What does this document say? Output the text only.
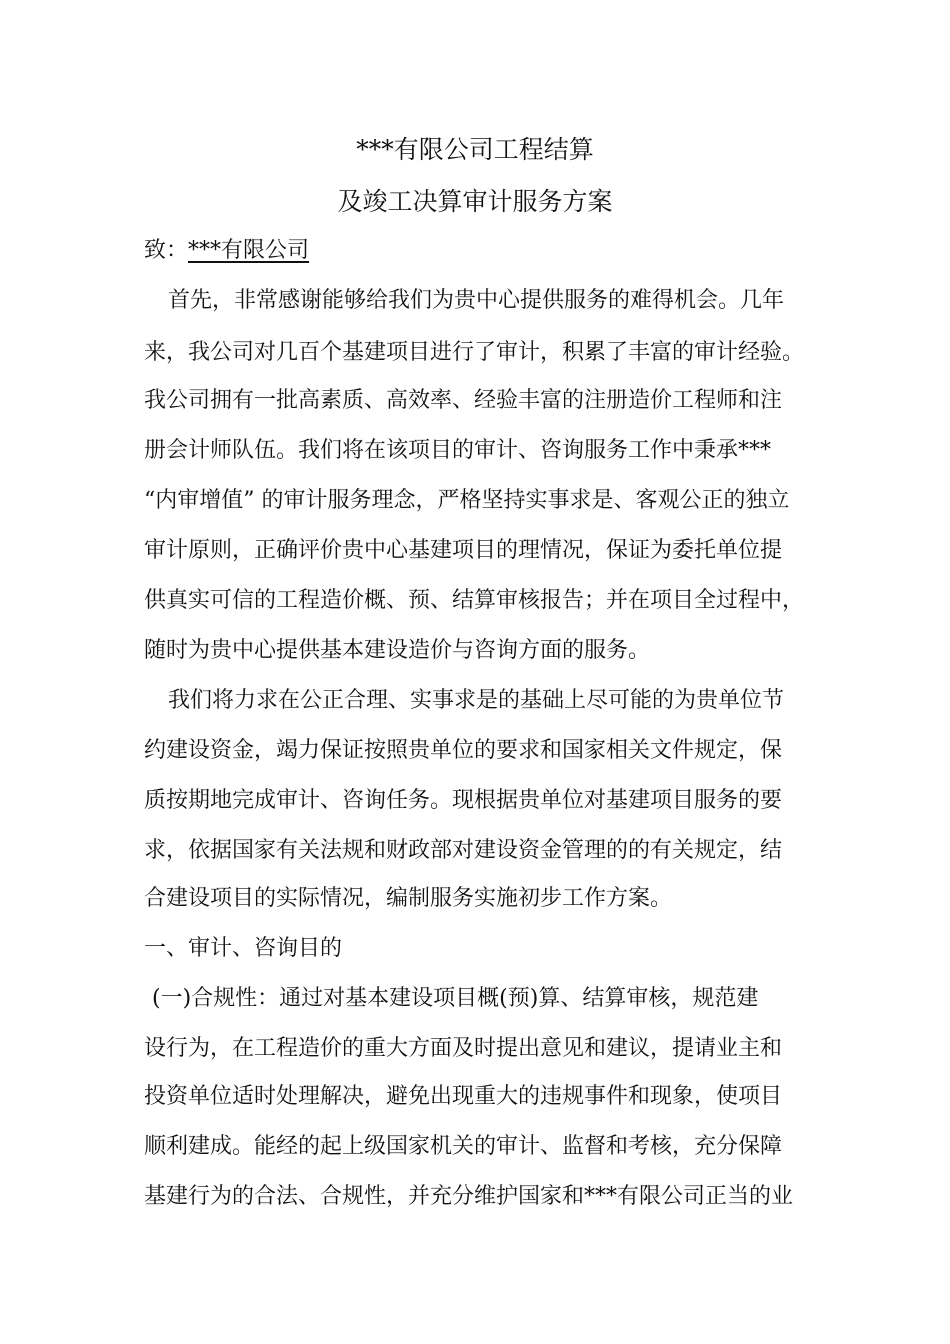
***有限公司工程结算
及竣工决算审计服务方案
致：***有限公司
首先，非常感谢能够给我们为贵中心提供服务的难得机会。几年
来，我公司对几百个基建项目进行了审计，积累了丰富的审计经验。
我公司拥有一批高素质、高效率、经验丰富的注册造价工程师和注
册会计师队伍。我们将在该项目的审计、咨询服务工作中秉承***
“内审增值” 的审计服务理念，严格坚持实事求是、客观公正的独立
审计原则，正确评价贵中心基建项目的理情况，保证为委托单位提
供真实可信的工程造价概、预、结算审核报告；并在项目全过程中，
随时为贵中心提供基本建设造价与咨询方面的服务。
我们将力求在公正合理、实事求是的基础上尽可能的为贵单位节
约建设资金，竭力保证按照贵单位的要求和国家相关文件规定，保
质按期地完成审计、咨询任务。现根据贵单位对基建项目服务的要
求，依据国家有关法规和财政部对建设资金管理的的有关规定，结
合建设项目的实际情况，编制服务实施初步工作方案。
一、审计、咨询目的
(一)合规性：通过对基本建设项目概(预)算、结算审核，规范建
设行为，在工程造价的重大方面及时提出意见和建议，提请业主和
投资单位适时处理解决，避免出现重大的违规事件和现象，使项目
顺利建成。能经的起上级国家机关的审计、监督和考核，充分保障
基建行为的合法、合规性，并充分维护国家和***有限公司正当的业
